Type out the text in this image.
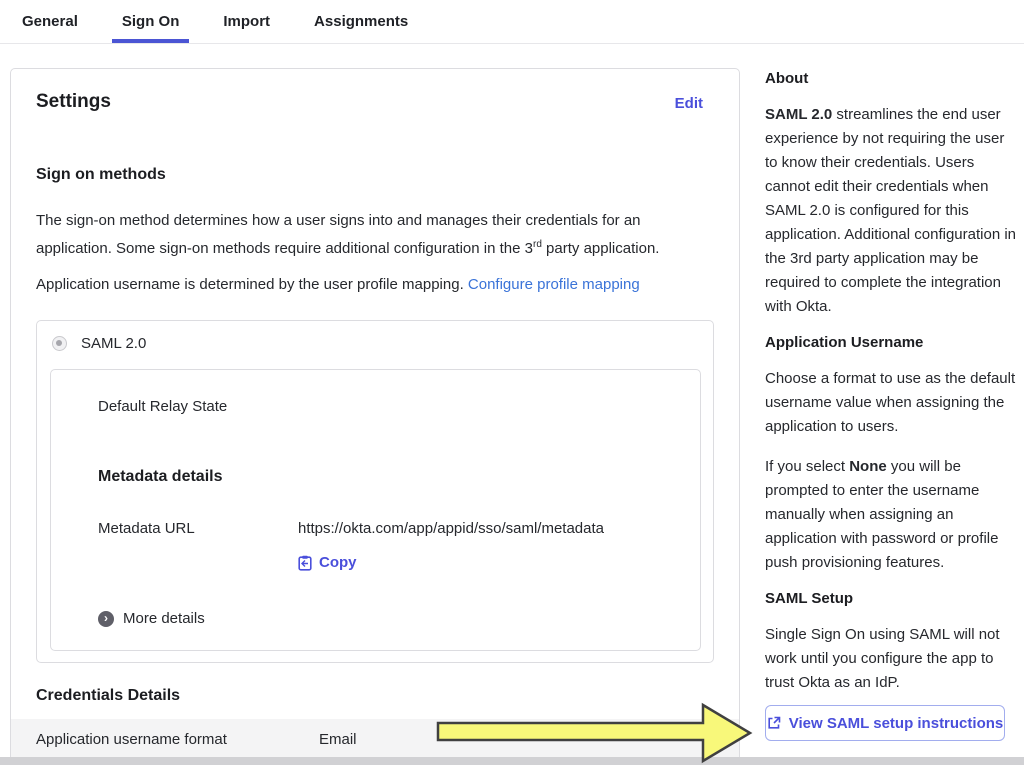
General	Sign On	Import	Assignments
Settings	Edit
Sign on methods

The sign-on method determines how a user signs into and manages their credentials for an application. Some sign-on methods require additional configuration in the 3rd party application.

Application username is determined by the user profile mapping. Configure profile mapping

SAML 2.0
Default Relay State
Metadata details
Metadata URL	https://okta.com/app/appid/sso/saml/metadata
Copy
›	More details
Credentials Details
Application username format	Email
About

SAML 2.0 streamlines the end user experience by not requiring the user to know their credentials. Users cannot edit their credentials when SAML 2.0 is configured for this application. Additional configuration in the 3rd party application may be required to complete the integration with Okta.

Application Username

Choose a format to use as the default username value when assigning the application to users.

If you select None you will be prompted to enter the username manually when assigning an application with password or profile push provisioning features.

SAML Setup

Single Sign On using SAML will not work until you configure the app to trust Okta as an IdP.

View SAML setup instructions
